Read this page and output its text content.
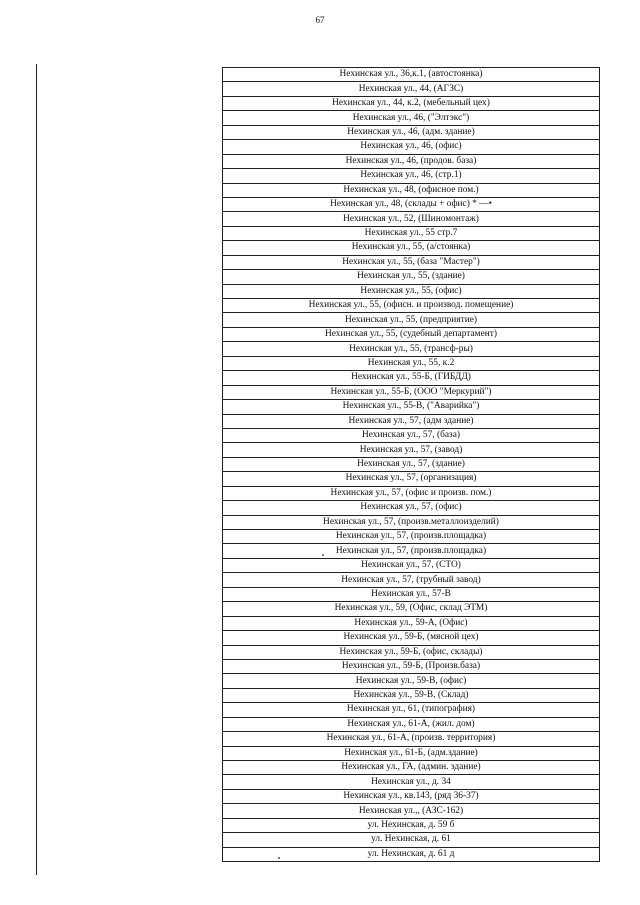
67
Нехинская ул., 36,к.1, (автостоянка)
Нехинская ул., 44, (АГЗС)
Нехинская ул., 44, к.2, (мебельный цех)
Нехинская ул., 46, ("Элтэкс")
Нехинская ул., 46, (адм. здание)
Нехинская ул., 46, (офис)
Нехинская ул., 46, (продов. база)
Нехинская ул., 46, (стр.1)
Нехинская ул., 48, (офисное пом.)
Нехинская ул., 48, (склады + офис) * —•
Нехинская ул., 52, (Шиномонтаж)
Нехинская ул., 55 стр.7
Нехинская ул., 55, (а/стоянка)
Нехинская ул., 55, (база "Мастер")
Нехинская ул., 55, (здание)
Нехинская ул., 55, (офис)
Нехинская ул., 55, (офисн. и производ. помещение)
Нехинская ул., 55, (предприятие)
Нехинская ул., 55, (судебный департамент)
Нехинская ул., 55, (трансф-ры)
Нехинская ул., 55, к.2
Нехинская ул., 55-Б, (ГИБДД)
Нехинская ул., 55-Б, (ООО "Меркурий")
Нехинская ул., 55-В, ("Аварийка")
Нехинская ул., 57, (адм здание)
Нехинская ул., 57, (база)
Нехинская ул., 57, (завод)
Нехинская ул., 57, (здание)
Нехинская ул., 57, (организация)
Нехинская ул., 57, (офис и произв. пом.)
Нехинская ул., 57, (офис)
Нехинская ул., 57, (произв.металлоизделий)
Нехинская ул., 57, (произв.площадка)
Нехинская ул., 57, (произв.площадка)
Нехинская ул., 57, (СТО)
Нехинская ул., 57, (трубный завод)
Нехинская ул., 57-В
Нехинская ул., 59, (Офис, склад ЭТМ)
Нехинская ул., 59-А, (Офис)
Нехинская ул., 59-Б, (мясной цех)
Нехинская ул., 59-Б, (офис, склады)
Нехинская ул., 59-Б, (Произв.база)
Нехинская ул., 59-В, (офис)
Нехинская ул., 59-В, (Склад)
Нехинская ул., 61, (типография)
Нехинская ул., 61-А, (жил. дом)
Нехинская ул., 61-А, (произв. территория)
Нехинская ул., 61-Б, (адм.здание)
Нехинская ул., ГА, (админ. здание)
Нехинская ул., д. 34
Нехинская ул., кв.143, (ряд 36-37)
Нехинская ул.,, (АЗС-162)
ул. Нехинская, д. 59 б
ул. Нехинская, д. 61
ул. Нехинская, д. 61 д
